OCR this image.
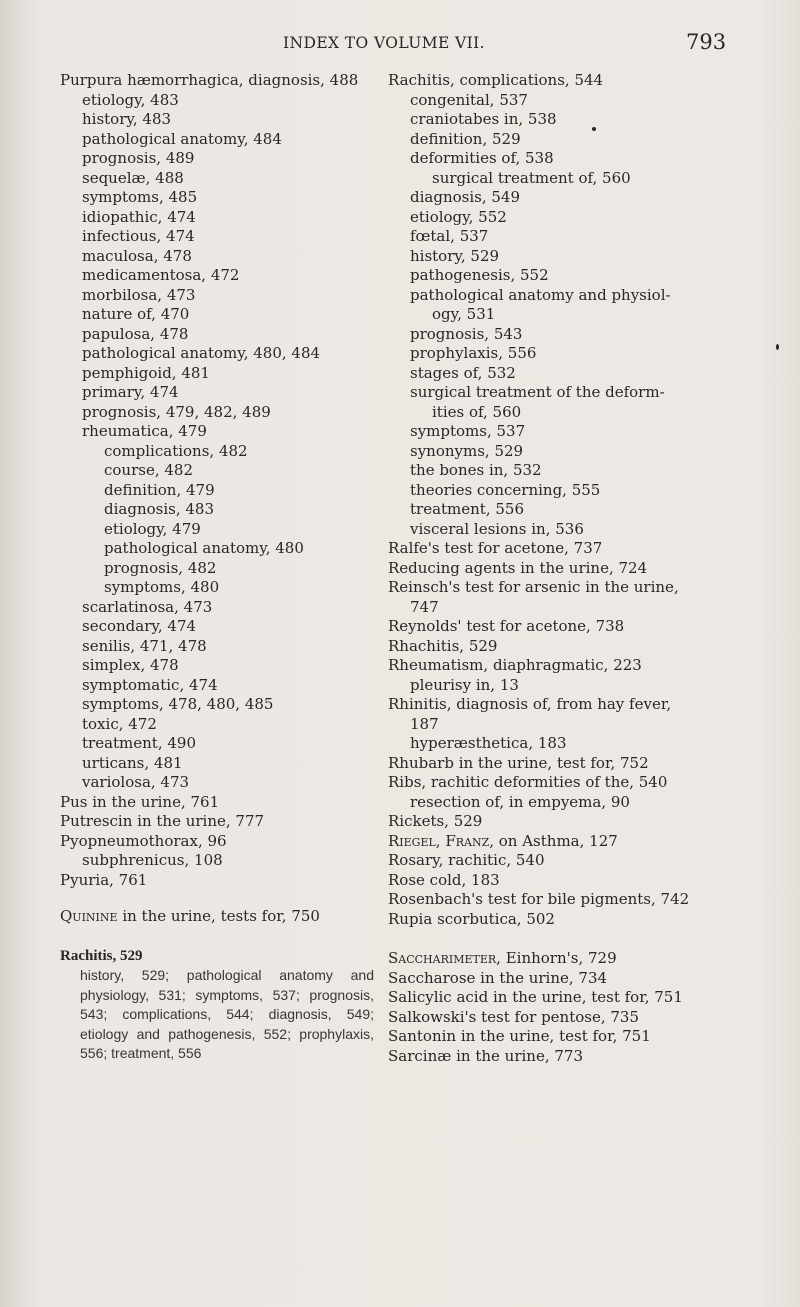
INDEX TO VOLUME VII.	793
Purpura hæmorrhagica, diagnosis, 488
etiology, 483
history, 483
pathological anatomy, 484
prognosis, 489
sequelæ, 488
symptoms, 485
idiopathic, 474
infectious, 474
maculosa, 478
medicamentosa, 472
morbilosa, 473
nature of, 470
papulosa, 478
pathological anatomy, 480, 484
pemphigoid, 481
primary, 474
prognosis, 479, 482, 489
rheumatica, 479
complications, 482
course, 482
definition, 479
diagnosis, 483
etiology, 479
pathological anatomy, 480
prognosis, 482
symptoms, 480
scarlatinosa, 473
secondary, 474
senilis, 471, 478
simplex, 478
symptomatic, 474
symptoms, 478, 480, 485
toxic, 472
treatment, 490
urticans, 481
variolosa, 473
Pus in the urine, 761
Putrescin in the urine, 777
Pyopneumothorax, 96
subphrenicus, 108
Pyuria, 761
Quinine in the urine, tests for, 750
Rachitis, 529
history, 529; pathological anatomy and physiology, 531; symptoms, 537; prognosis, 543; complications, 544; diagnosis, 549; etiology and pathogenesis, 552; prophylaxis, 556; treatment, 556
Rachitis, complications, 544
congenital, 537
craniotabes in, 538
definition, 529
deformities of, 538
surgical treatment of, 560
diagnosis, 549
etiology, 552
fœtal, 537
history, 529
pathogenesis, 552
pathological anatomy and physiol-
ogy, 531
prognosis, 543
prophylaxis, 556
stages of, 532
surgical treatment of the deform-
ities of, 560
symptoms, 537
synonyms, 529
the bones in, 532
theories concerning, 555
treatment, 556
visceral lesions in, 536
Ralfe's test for acetone, 737
Reducing agents in the urine, 724
Reinsch's test for arsenic in the urine,
747
Reynolds' test for acetone, 738
Rhachitis, 529
Rheumatism, diaphragmatic, 223
pleurisy in, 13
Rhinitis, diagnosis of, from hay fever,
187
hyperæsthetica, 183
Rhubarb in the urine, test for, 752
Ribs, rachitic deformities of the, 540
resection of, in empyema, 90
Rickets, 529
Riegel, Franz, on Asthma, 127
Rosary, rachitic, 540
Rose cold, 183
Rosenbach's test for bile pigments, 742
Rupia scorbutica, 502
Saccharimeter, Einhorn's, 729
Saccharose in the urine, 734
Salicylic acid in the urine, test for, 751
Salkowski's test for pentose, 735
Santonin in the urine, test for, 751
Sarcinæ in the urine, 773
